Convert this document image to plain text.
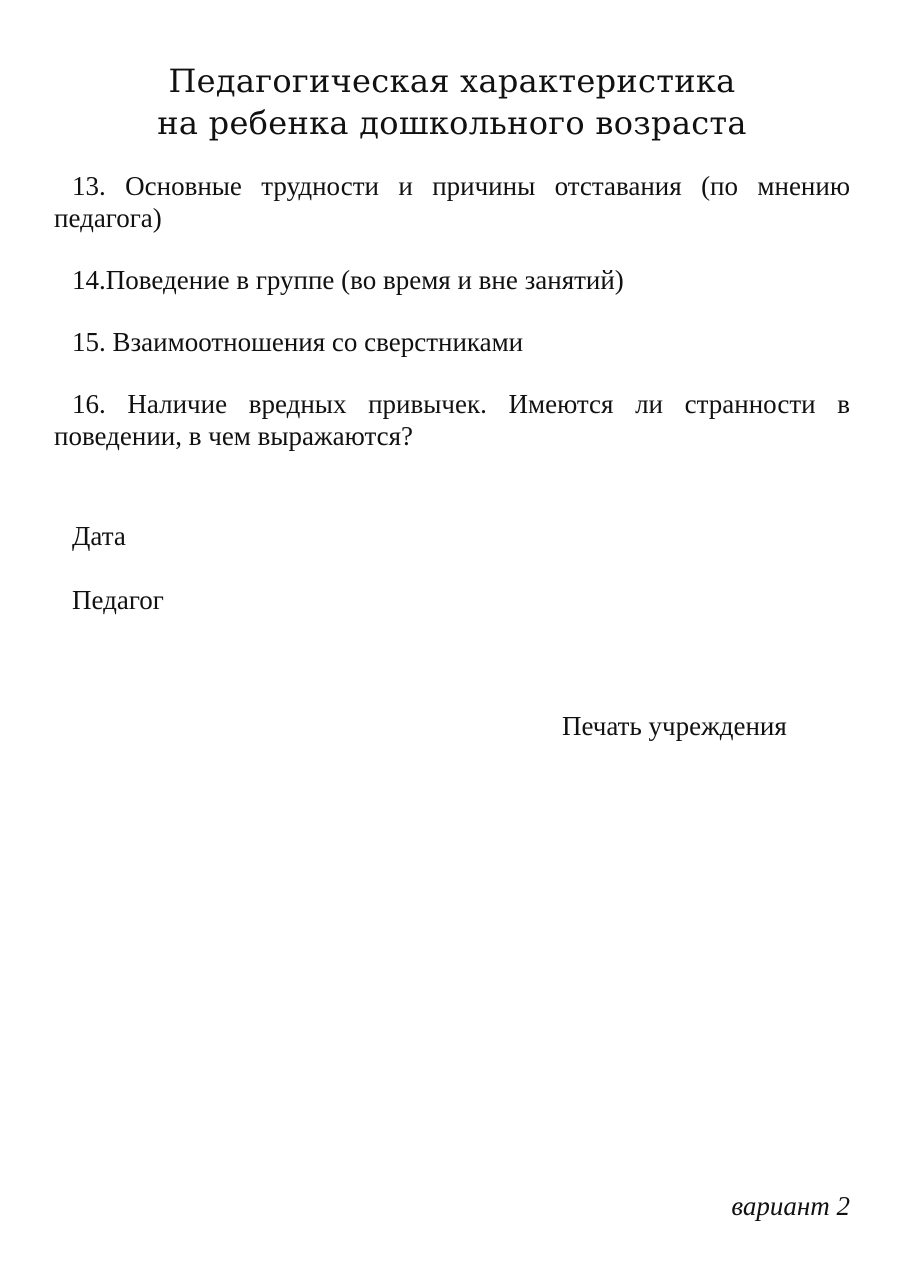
Педагогическая характеристика
на ребенка дошкольного возраста

13. Основные трудности и причины отставания (по мнению педагога)

14.Поведение в группе (во время и вне занятий)

15. Взаимоотношения со сверстниками

16. Наличие вредных привычек. Имеются ли странности в поведении, в чем выражаются?

Дата
Педагог
Печать учреждения
вариант 2
